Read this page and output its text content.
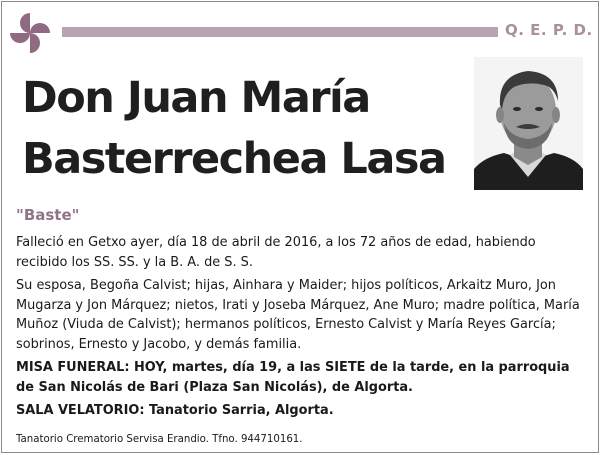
Q. E. P. D.
Don Juan María
Basterrechea Lasa
"Baste"

Falleció en Getxo ayer, día 18 de abril de 2016, a los 72 años de edad, habiendo recibido los SS. SS. y la B. A. de S. S.

Su esposa, Begoña Calvist; hijas, Ainhara y Maider; hijos políticos, Arkaitz Muro, Jon Mugarza y Jon Márquez; nietos, Irati y Joseba Márquez, Ane Muro; madre política, María Muñoz (Viuda de Calvist); hermanos políticos, Ernesto Calvist y María Reyes García; sobrinos, Ernesto y Jacobo, y demás familia.

MISA FUNERAL: HOY, martes, día 19, a las SIETE de la tarde, en la parroquia de San Nicolás de Bari (Plaza San Nicolás), de Algorta.

SALA VELATORIO: Tanatorio Sarria, Algorta.

Tanatorio Crematorio Servisa Erandio. Tfno. 944710161.
